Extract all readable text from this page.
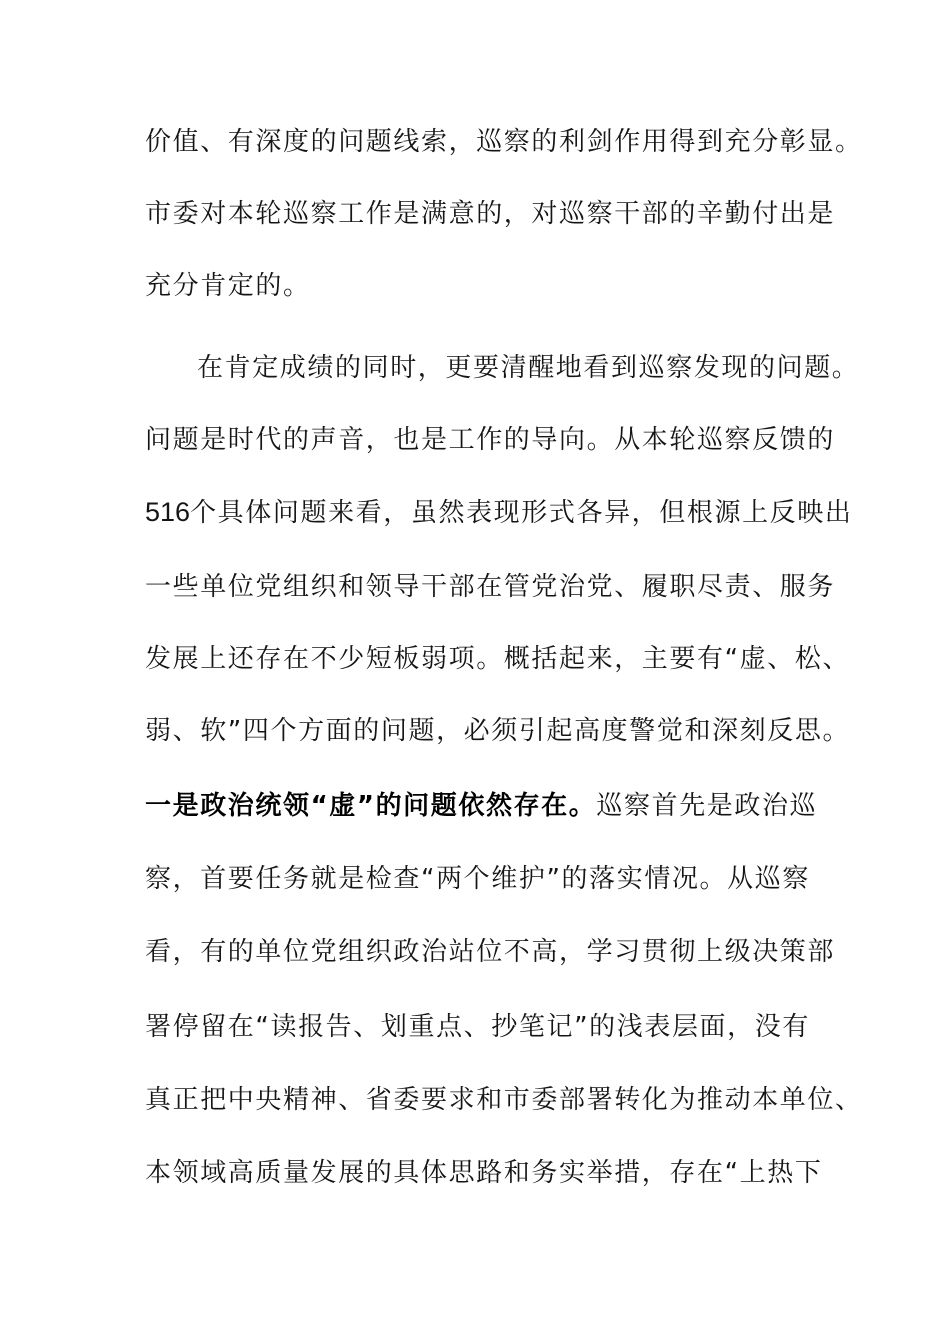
价值、有深度的问题线索，巡察的利剑作用得到充分彰显。
市委对本轮巡察工作是满意的，对巡察干部的辛勤付出是
充分肯定的。
在肯定成绩的同时，更要清醒地看到巡察发现的问题。
问题是时代的声音，也是工作的导向。从本轮巡察反馈的
516个具体问题来看，虽然表现形式各异，但根源上反映出
一些单位党组织和领导干部在管党治党、履职尽责、服务
发展上还存在不少短板弱项。概括起来，主要有“虚、松、
弱、软”四个方面的问题，必须引起高度警觉和深刻反思。
一是政治统领“虚”的问题依然存在。巡察首先是政治巡
察，首要任务就是检查“两个维护”的落实情况。从巡察
看，有的单位党组织政治站位不高，学习贯彻上级决策部
署停留在“读报告、划重点、抄笔记”的浅表层面，没有
真正把中央精神、省委要求和市委部署转化为推动本单位、
本领域高质量发展的具体思路和务实举措，存在“上热下
